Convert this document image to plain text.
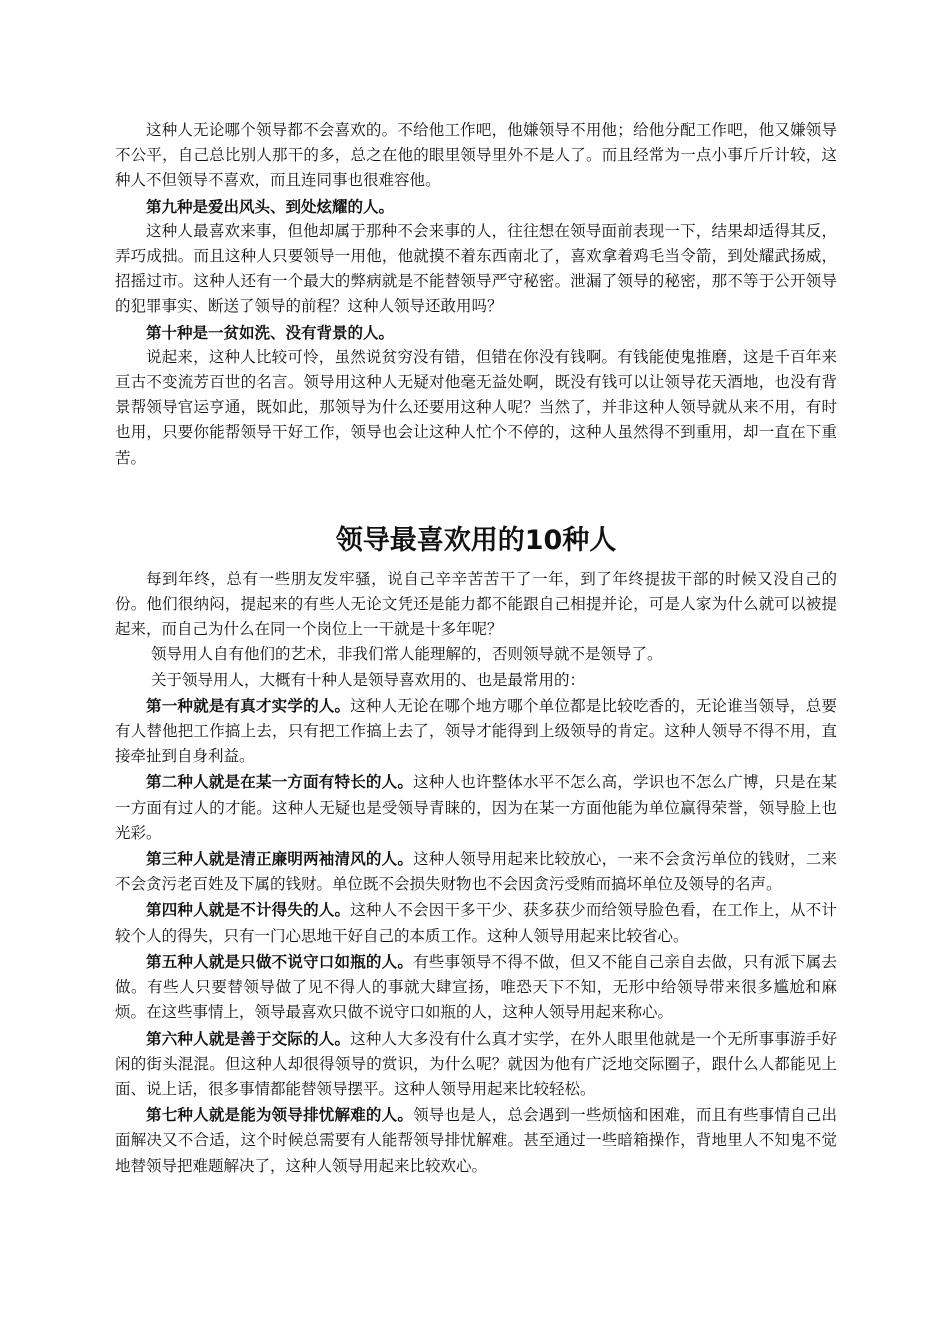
这种人无论哪个领导都不会喜欢的。不给他工作吧，他嫌领导不用他；给他分配工作吧，他又嫌领导不公平，自己总比别人那干的多，总之在他的眼里领导里外不是人了。而且经常为一点小事斤斤计较，这种人不但领导不喜欢，而且连同事也很难容他。

第九种是爱出风头、到处炫耀的人。

这种人最喜欢来事，但他却属于那种不会来事的人，往往想在领导面前表现一下，结果却适得其反，弄巧成拙。而且这种人只要领导一用他，他就摸不着东西南北了，喜欢拿着鸡毛当令箭，到处耀武扬威，招摇过市。这种人还有一个最大的弊病就是不能替领导严守秘密。泄漏了领导的秘密，那不等于公开领导的犯罪事实、断送了领导的前程？这种人领导还敢用吗？

第十种是一贫如洗、没有背景的人。

说起来，这种人比较可怜，虽然说贫穷没有错，但错在你没有钱啊。有钱能使鬼推磨，这是千百年来亘古不变流芳百世的名言。领导用这种人无疑对他毫无益处啊，既没有钱可以让领导花天酒地，也没有背景帮领导官运亨通，既如此，那领导为什么还要用这种人呢？当然了，并非这种人领导就从来不用，有时也用，只要你能帮领导干好工作，领导也会让这种人忙个不停的，这种人虽然得不到重用，却一直在下重苦。

领导最喜欢用的10种人

每到年终，总有一些朋友发牢骚，说自己辛辛苦苦干了一年，到了年终提拔干部的时候又没自己的份。他们很纳闷，提起来的有些人无论文凭还是能力都不能跟自己相提并论，可是人家为什么就可以被提起来，而自己为什么在同一个岗位上一干就是十多年呢？

领导用人自有他们的艺术，非我们常人能理解的，否则领导就不是领导了。

关于领导用人，大概有十种人是领导喜欢用的、也是最常用的：

第一种就是有真才实学的人。这种人无论在哪个地方哪个单位都是比较吃香的，无论谁当领导，总要有人替他把工作搞上去，只有把工作搞上去了，领导才能得到上级领导的肯定。这种人领导不得不用，直接牵扯到自身利益。

第二种人就是在某一方面有特长的人。这种人也许整体水平不怎么高，学识也不怎么广博，只是在某一方面有过人的才能。这种人无疑也是受领导青睐的，因为在某一方面他能为单位赢得荣誉，领导脸上也光彩。

第三种人就是清正廉明两袖清风的人。这种人领导用起来比较放心，一来不会贪污单位的钱财，二来不会贪污老百姓及下属的钱财。单位既不会损失财物也不会因贪污受贿而搞坏单位及领导的名声。

第四种人就是不计得失的人。这种人不会因干多干少、获多获少而给领导脸色看，在工作上，从不计较个人的得失，只有一门心思地干好自己的本质工作。这种人领导用起来比较省心。

第五种人就是只做不说守口如瓶的人。有些事领导不得不做，但又不能自己亲自去做，只有派下属去做。有些人只要替领导做了见不得人的事就大肆宣扬，唯恐天下不知，无形中给领导带来很多尴尬和麻烦。在这些事情上，领导最喜欢只做不说守口如瓶的人，这种人领导用起来称心。

第六种人就是善于交际的人。这种人大多没有什么真才实学，在外人眼里他就是一个无所事事游手好闲的街头混混。但这种人却很得领导的赏识，为什么呢？就因为他有广泛地交际圈子，跟什么人都能见上面、说上话，很多事情都能替领导摆平。这种人领导用起来比较轻松。

第七种人就是能为领导排忧解难的人。领导也是人，总会遇到一些烦恼和困难，而且有些事情自己出面解决又不合适，这个时候总需要有人能帮领导排忧解难。甚至通过一些暗箱操作，背地里人不知鬼不觉地替领导把难题解决了，这种人领导用起来比较欢心。
